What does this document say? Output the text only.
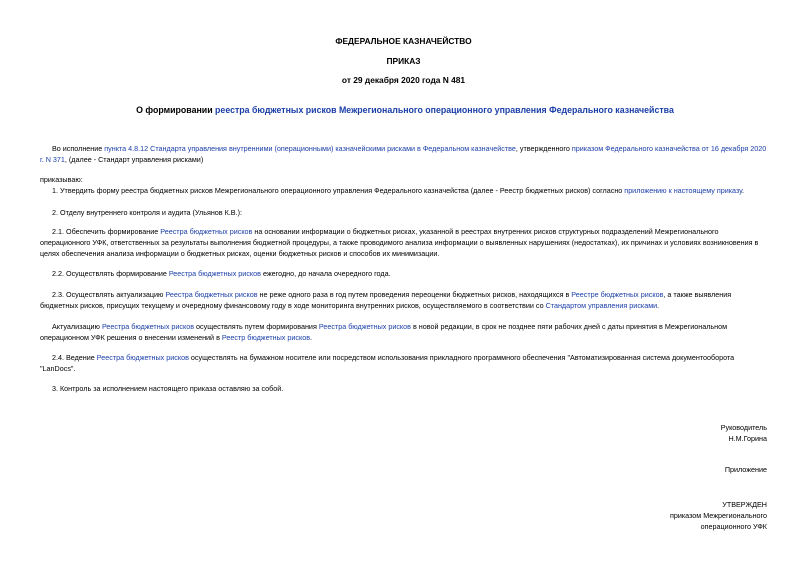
ФЕДЕРАЛЬНОЕ КАЗНАЧЕЙСТВО
ПРИКАЗ
от 29 декабря 2020 года N 481
О формировании реестра бюджетных рисков Межрегионального операционного управления Федерального казначейства
Во исполнение пункта 4.8.12 Стандарта управления внутренними (операционными) казначейскими рисками в Федеральном казначействе, утвержденного приказом Федерального казначейства от 16 декабря 2020
г. N 371, (далее - Стандарт управления рисками)
приказываю:
1. Утвердить форму реестра бюджетных рисков Межрегионального операционного управления Федерального казначейства (далее - Реестр бюджетных рисков) согласно приложению к настоящему приказу.
2. Отделу внутреннего контроля и аудита (Ульянов К.В.):
2.1. Обеспечить формирование Реестра бюджетных рисков на основании информации о бюджетных рисках, указанной в реестрах внутренних рисков структурных подразделений Межрегионального
операционного УФК, ответственных за результаты выполнения бюджетной процедуры, а также проводимого анализа информации о выявленных нарушениях (недостатках), их причинах и условиях возникновения в
целях обеспечения анализа информации о бюджетных рисках, оценки бюджетных рисков и способов их минимизации.
2.2. Осуществлять формирование Реестра бюджетных рисков ежегодно, до начала очередного года.
2.3. Осуществлять актуализацию Реестра бюджетных рисков не реже одного раза в год путем проведения переоценки бюджетных рисков, находящихся в Реестре бюджетных рисков, а также выявления
бюджетных рисков, присущих текущему и очередному финансовому году в ходе мониторинга внутренних рисков, осуществляемого в соответствии со Стандартом управления рисками.
Актуализацию Реестра бюджетных рисков осуществлять путем формирования Реестра бюджетных рисков в новой редакции, в срок не позднее пяти рабочих дней с даты принятия в Межрегиональном
операционном УФК решения о внесении изменений в Реестр бюджетных рисков.
2.4. Ведение Реестра бюджетных рисков осуществлять на бумажном носителе или посредством использования прикладного программного обеспечения "Автоматизированная система документооборота
"LanDocs".
3. Контроль за исполнением настоящего приказа оставляю за собой.
Руководитель
Н.М.Горина
Приложение
УТВЕРЖДЕН
приказом Межрегионального
операционного УФК
